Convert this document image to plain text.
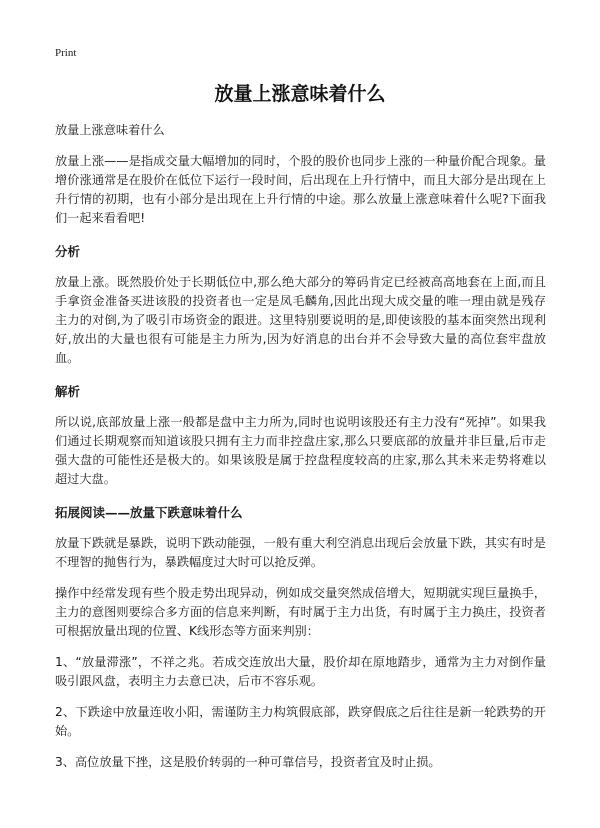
Print
放量上涨意味着什么

放量上涨意味着什么

放量上涨——是指成交量大幅增加的同时，个股的股价也同步上涨的一种量价配合现象。量增价涨通常是在股价在低位下运行一段时间，后出现在上升行情中，而且大部分是出现在上升行情的初期，也有小部分是出现在上升行情的中途。那么放量上涨意味着什么呢?下面我们一起来看看吧!

分析

放量上涨。既然股价处于长期低位中,那么绝大部分的筹码肯定已经被高高地套在上面,而且手拿资金准备买进该股的投资者也一定是凤毛麟角,因此出现大成交量的唯一理由就是残存主力的对倒,为了吸引市场资金的跟进。这里特别要说明的是,即使该股的基本面突然出现利好,放出的大量也很有可能是主力所为,因为好消息的出台并不会导致大量的高位套牢盘放血。

解析

所以说,底部放量上涨一般都是盘中主力所为,同时也说明该股还有主力没有“死掉”。如果我们通过长期观察而知道该股只拥有主力而非控盘庄家,那么只要底部的放量并非巨量,后市走强大盘的可能性还是极大的。如果该股是属于控盘程度较高的庄家,那么其未来走势将难以超过大盘。

拓展阅读——放量下跌意味着什么

放量下跌就是暴跌，说明下跌动能强，一般有重大利空消息出现后会放量下跌，其实有时是不理智的抛售行为，暴跌幅度过大时可以抢反弹。

操作中经常发现有些个股走势出现异动，例如成交量突然成倍增大，短期就实现巨量换手，主力的意图则要综合多方面的信息来判断，有时属于主力出货，有时属于主力换庄，投资者可根据放量出现的位置、K线形态等方面来判别：

1、“放量滞涨”，不祥之兆。若成交连放出大量，股价却在原地踏步，通常为主力对倒作量吸引跟风盘，表明主力去意已决，后市不容乐观。

2、下跌途中放量连收小阳，需谨防主力构筑假底部，跌穿假底之后往往是新一轮跌势的开始。

3、高位放量下挫，这是股价转弱的一种可靠信号，投资者宜及时止损。
